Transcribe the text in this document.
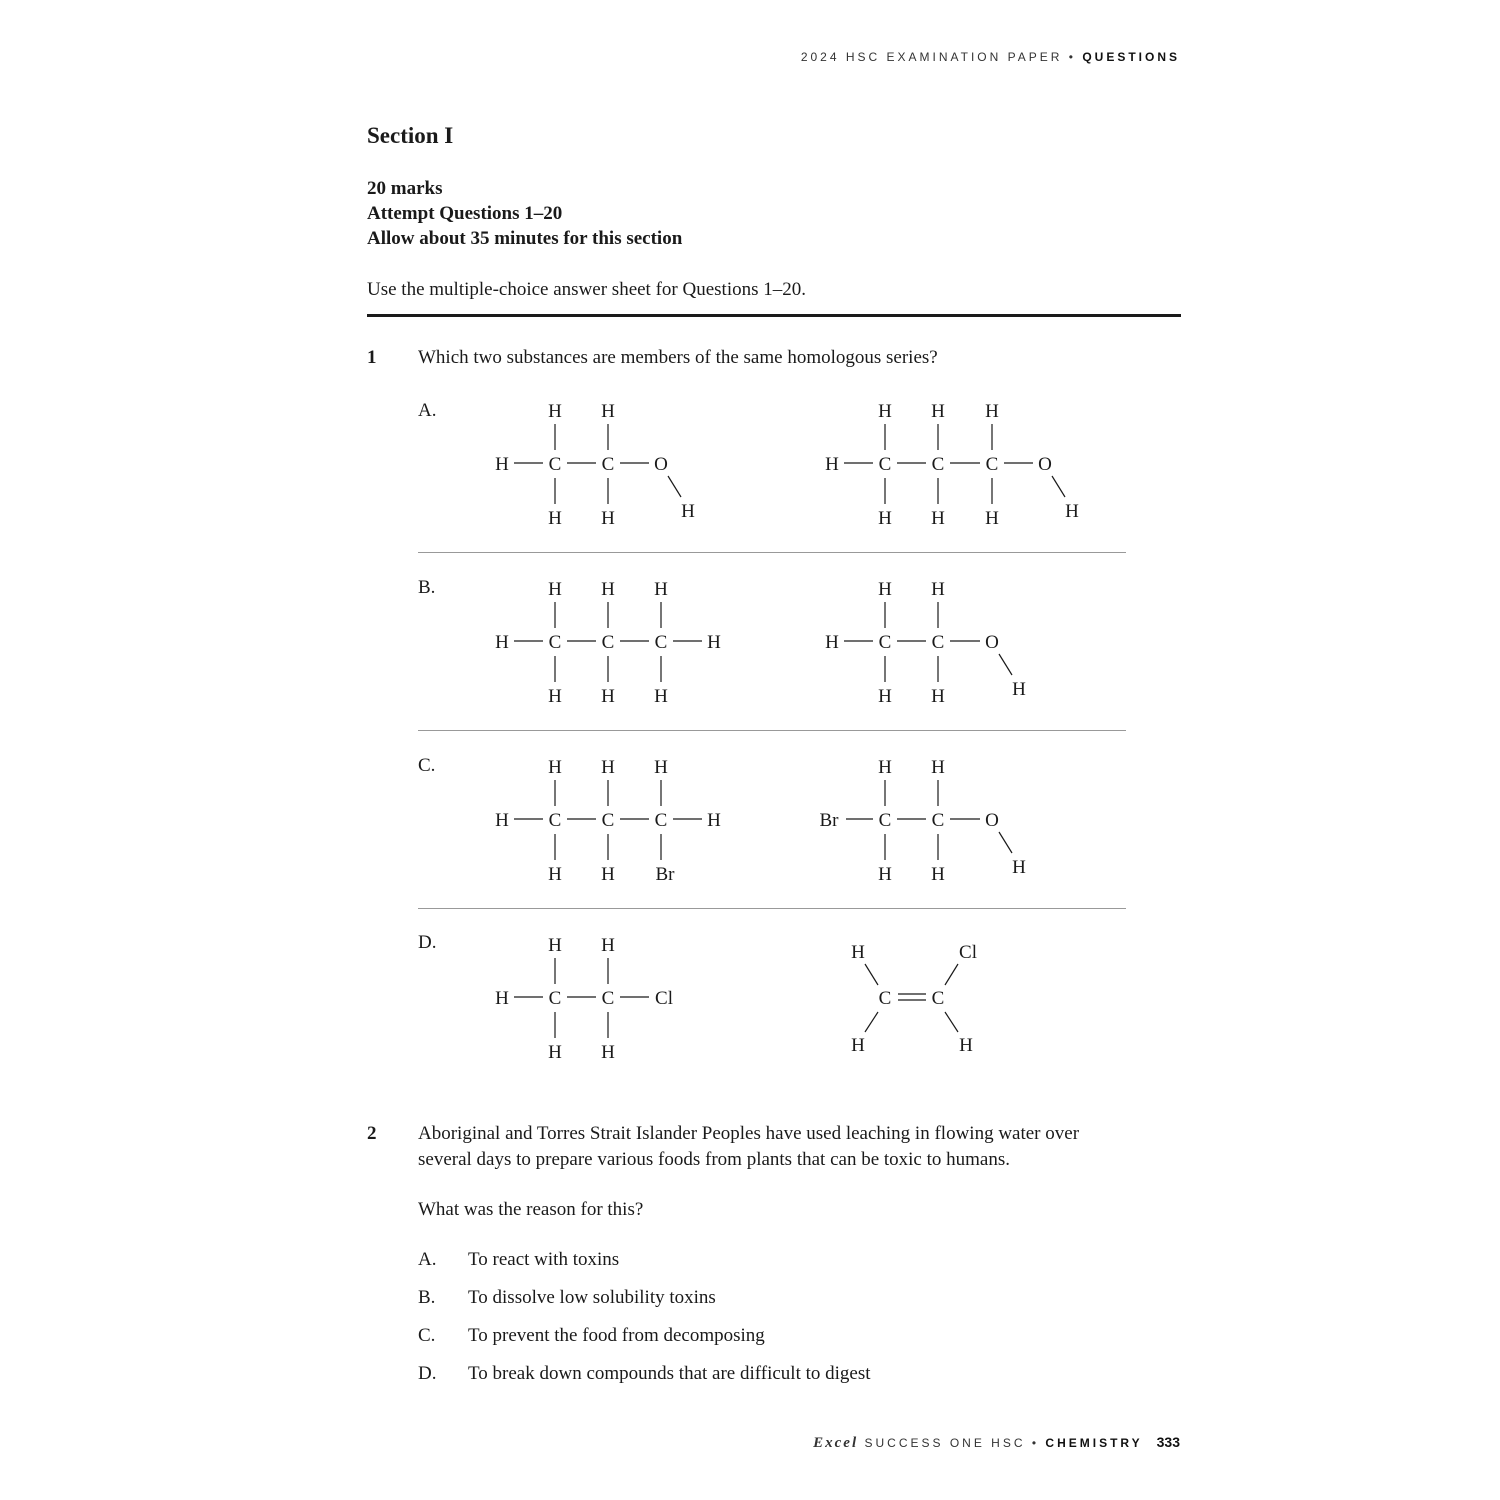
2024 HSC EXAMINATION PAPER • QUESTIONS
Section I
20 marks
Attempt Questions 1–20
Allow about 35 minutes for this section
Use the multiple-choice answer sheet for Questions 1–20.
1 Which two substances are members of the same homologous series?
A.
B.
C.
D.
H H
H C C O
H H	H
H H H
H C C C O
H H H	H
H H H
H C C C H
H H H
H H
H C C O
H H	H
H H H
H C C C H
H H Br
H H
Br C C O
H H	H
H H
H C C Cl
H H
H	Cl
C C
H	H
2 Aboriginal and Torres Strait Islander Peoples have used leaching in flowing water over
several days to prepare various foods from plants that can be toxic to humans.
What was the reason for this?
A. To react with toxins
B. To dissolve low solubility toxins
C. To prevent the food from decomposing
D. To break down compounds that are difficult to digest
Excel SUCCESS ONE HSC • CHEMISTRY 333
